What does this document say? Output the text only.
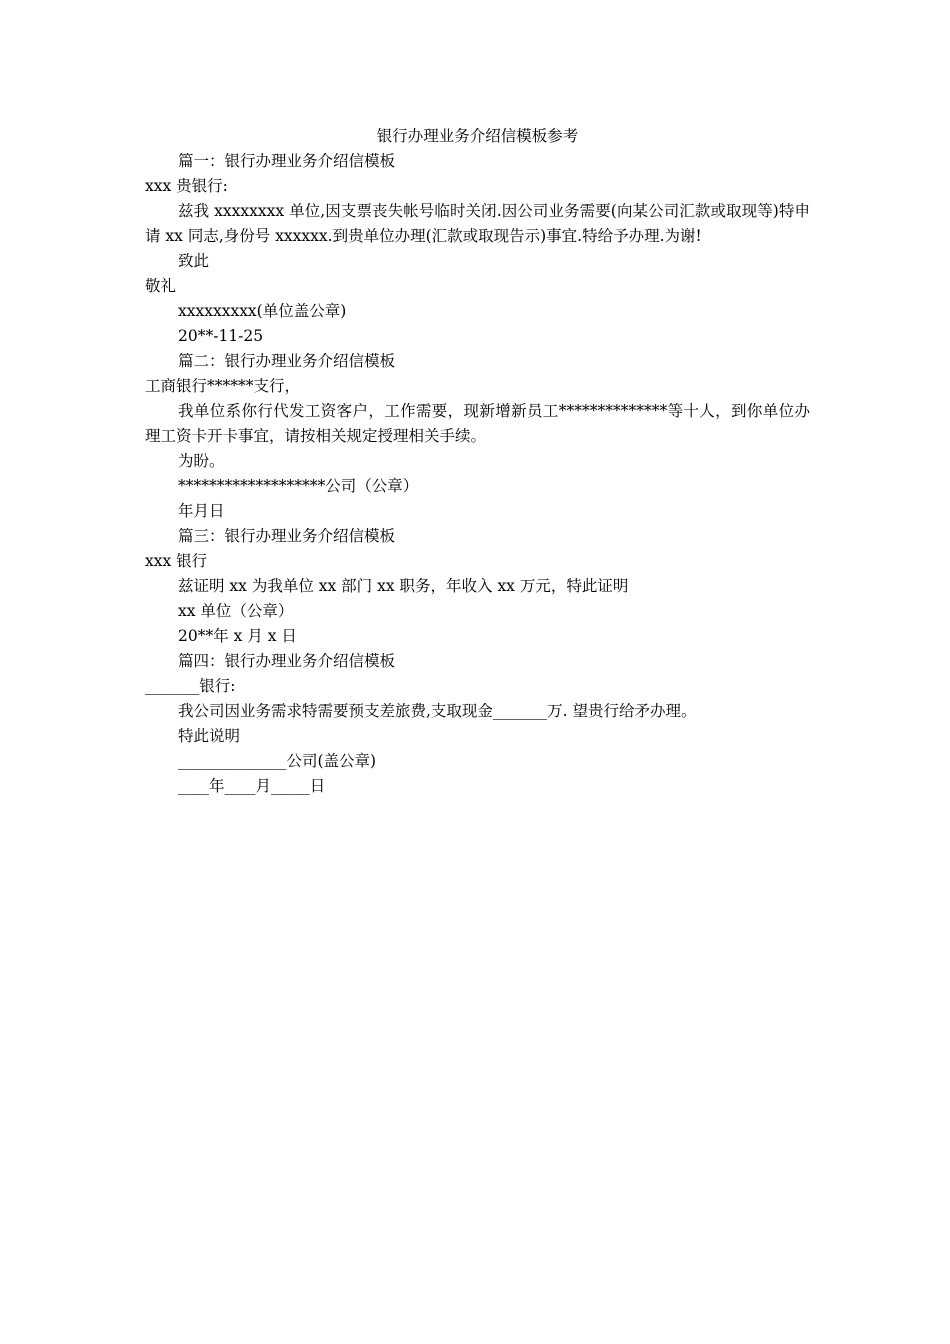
银行办理业务介绍信模板参考

篇一：银行办理业务介绍信模板

xxx 贵银行:

兹我 xxxxxxxx 单位,因支票丧失帐号临时关闭.因公司业务需要(向某公司汇款或取现等)特申请 xx 同志,身份号 xxxxxx.到贵单位办理(汇款或取现告示)事宜.特给予办理.为谢!

致此

敬礼

xxxxxxxxx(单位盖公章)

20**-11-25

篇二：银行办理业务介绍信模板

工商银行******支行，

我单位系你行代发工资客户，工作需要，现新增新员工**************等十人，到你单位办理工资卡开卡事宜，请按相关规定授理相关手续。

为盼。

*******************公司（公章）

年月日

篇三：银行办理业务介绍信模板

xxx 银行

兹证明 xx 为我单位 xx 部门 xx 职务，年收入 xx 万元，特此证明

xx 单位（公章）

20**年 x 月 x 日

篇四：银行办理业务介绍信模板

_______银行:

我公司因业务需求特需要预支差旅费,支取现金_______万. 望贵行给矛办理。

特此说明

______________公司(盖公章)

____年____月_____日
